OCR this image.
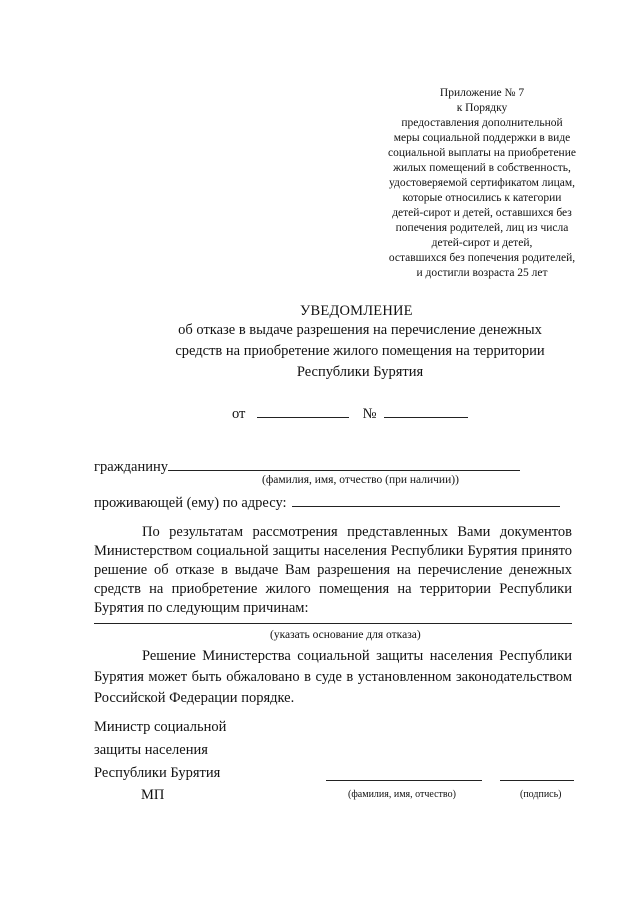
Приложение № 7
к Порядку
предоставления дополнительной
меры социальной поддержки в виде
социальной выплаты на приобретение
жилых помещений в собственность,
удостоверяемой сертификатом лицам,
которые относились к категории
детей-сирот и детей, оставшихся без
попечения родителей, лиц из числа
детей-сирот и детей,
оставшихся без попечения родителей,
и достигли возраста 25 лет
УВЕДОМЛЕНИЕ
об отказе в выдаче разрешения на перечисление денежных
средств на приобретение жилого помещения на территории
Республики Бурятия
от	№
гражданину
(фамилия, имя, отчество (при наличии))
проживающей (ему) по адресу:

По результатам рассмотрения представленных Вами документов Министерством социальной защиты населения Республики Бурятия принято решение об отказе в выдаче Вам разрешения на перечисление денежных средств на приобретение жилого помещения на территории Республики Бурятия по следующим причинам:

(указать основание для отказа)

Решение Министерства социальной защиты населения Республики Бурятия может быть обжаловано в суде в установленном законодательством Российской Федерации порядке.

Министр социальной
защиты населения
Республики Бурятия
(фамилия, имя, отчество)	(подпись)
МП
